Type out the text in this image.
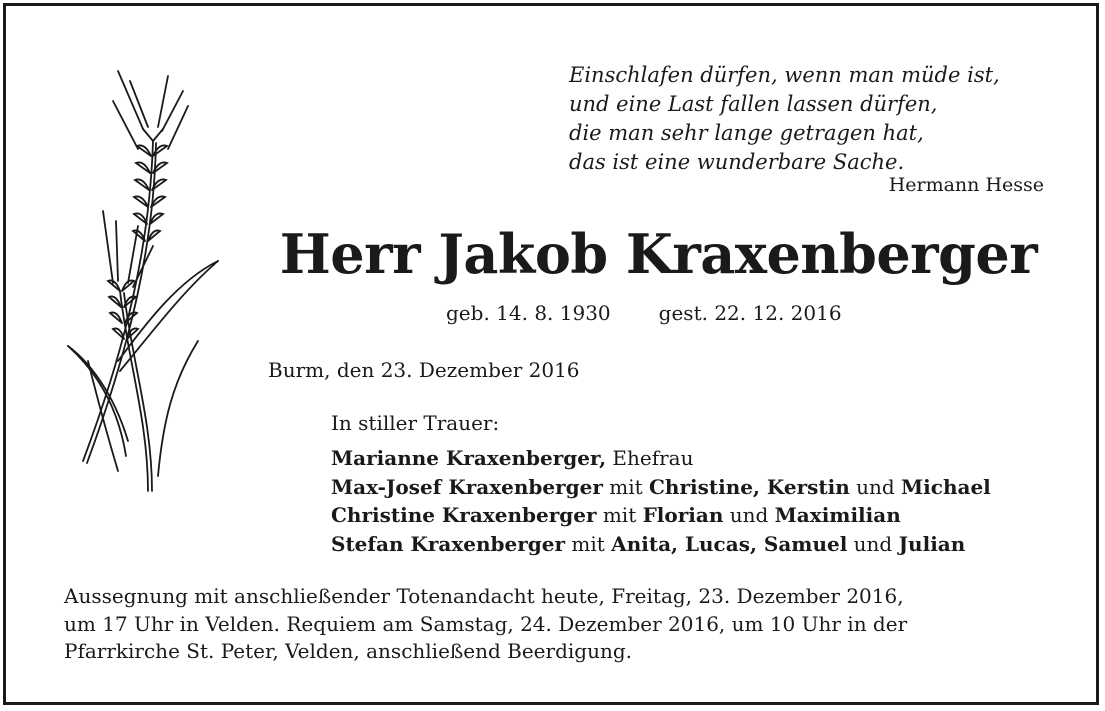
Einschlafen dürfen, wenn man müde ist,
und eine Last fallen lassen dürfen,
die man sehr lange getragen hat,
das ist eine wunderbare Sache.
Hermann Hesse
Herr Jakob Kraxenberger
geb. 14. 8. 1930 gest. 22. 12. 2016
Burm, den 23. Dezember 2016
In stiller Trauer:
Marianne Kraxenberger, Ehefrau
Max-Josef Kraxenberger mit Christine, Kerstin und Michael
Christine Kraxenberger mit Florian und Maximilian
Stefan Kraxenberger mit Anita, Lucas, Samuel und Julian
Aussegnung mit anschließender Totenandacht heute, Freitag, 23. Dezember 2016,
um 17 Uhr in Velden. Requiem am Samstag, 24. Dezember 2016, um 10 Uhr in der
Pfarrkirche St. Peter, Velden, anschließend Beerdigung.
